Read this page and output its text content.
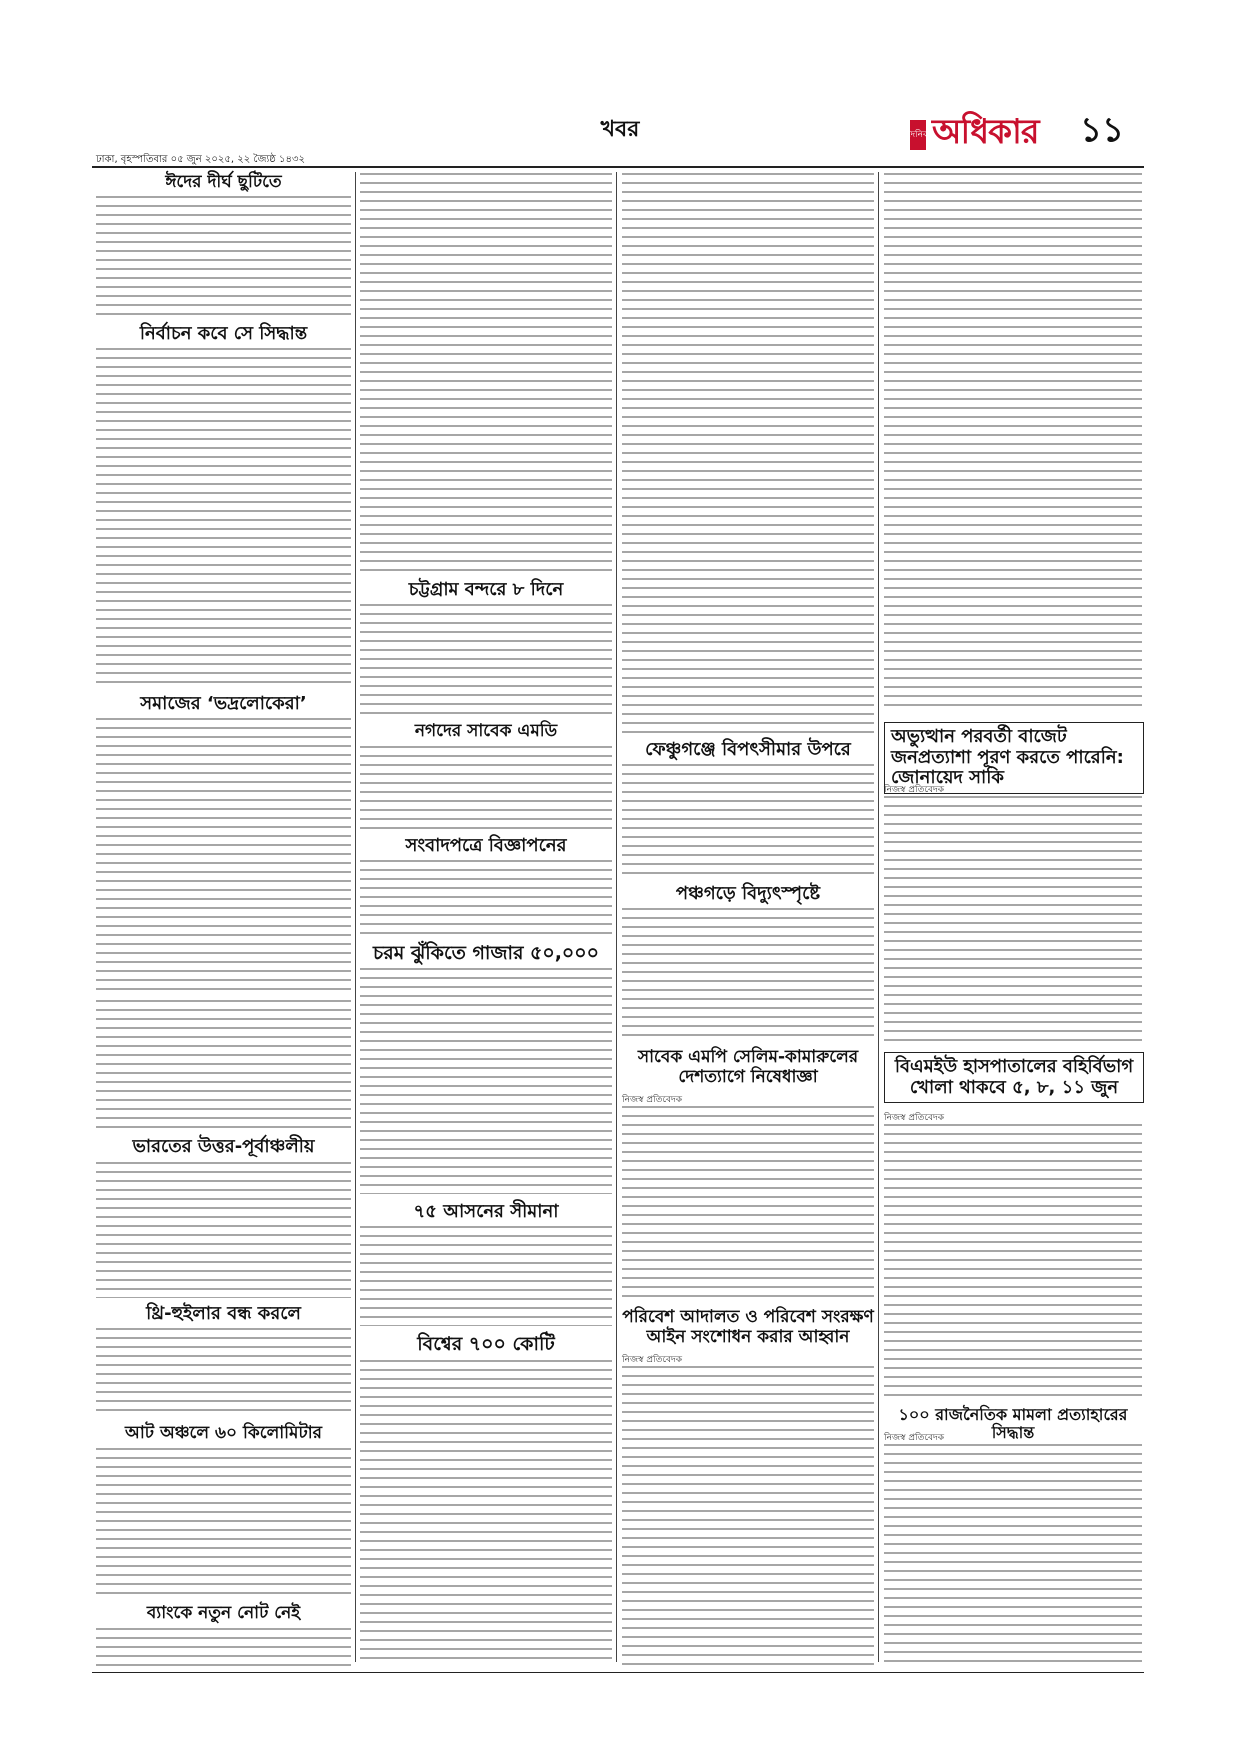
ঢাকা, বৃহস্পতিবার ০৫ জুন ২০২৫, ২২ জ্যৈষ্ঠ ১৪৩২
খবর	দৈনিক অধিকার ১১
ঈদের দীর্ঘ ছুটিতে
নির্বাচন কবে সে সিদ্ধান্ত
সমাজের ‘ভদ্রলোকেরা’
ভারতের উত্তর-পূর্বাঞ্চলীয়
থ্রি-হুইলার বন্ধ করলে
আট অঞ্চলে ৬০ কিলোমিটার
ব্যাংকে নতুন নোট নেই
চট্টগ্রাম বন্দরে ৮ দিনে
নগদের সাবেক এমডি
সংবাদপত্রে বিজ্ঞাপনের
চরম ঝুঁকিতে গাজার ৫০,০০০
৭৫ আসনের সীমানা
বিশ্বের ৭০০ কোটি
ফেঞ্চুগঞ্জে বিপৎসীমার উপরে
পঞ্চগড়ে বিদ্যুৎস্পৃষ্টে
সাবেক এমপি সেলিম-কামারুলের দেশত্যাগে নিষেধাজ্ঞা
নিজস্ব প্রতিবেদক
পরিবেশ আদালত ও পরিবেশ সংরক্ষণ আইন সংশোধন করার আহ্বান
নিজস্ব প্রতিবেদক
অভ্যুত্থান পরবর্তী বাজেট জনপ্রত্যাশা পূরণ করতে পারেনি: জোনায়েদ সাকি
নিজস্ব প্রতিবেদক
বিএমইউ হাসপাতালের বহির্বিভাগ খোলা থাকবে ৫, ৮, ১১ জুন
নিজস্ব প্রতিবেদক
১০০ রাজনৈতিক মামলা প্রত্যাহারের সিদ্ধান্ত
নিজস্ব প্রতিবেদক
